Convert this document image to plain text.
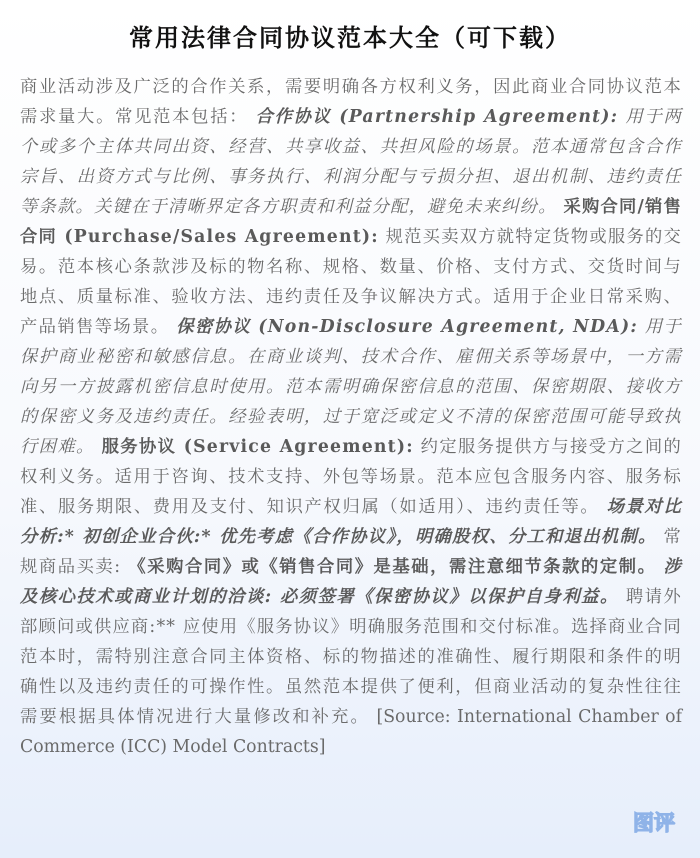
常用法律合同协议范本大全（可下载）
商业活动涉及广泛的合作关系，需要明确各方权利义务，因此商业合同协议范本需求量大。常见范本包括： 合作协议 (Partnership Agreement): 用于两个或多个主体共同出资、经营、共享收益、共担风险的场景。范本通常包含合作宗旨、出资方式与比例、事务执行、利润分配与亏损分担、退出机制、违约责任等条款。关键在于清晰界定各方职责和利益分配，避免未来纠纷。 采购合同/销售合同 (Purchase/Sales Agreement): 规范买卖双方就特定货物或服务的交易。范本核心条款涉及标的物名称、规格、数量、价格、支付方式、交货时间与地点、质量标准、验收方法、违约责任及争议解决方式。适用于企业日常采购、产品销售等场景。 保密协议 (Non-Disclosure Agreement, NDA): 用于保护商业秘密和敏感信息。在商业谈判、技术合作、雇佣关系等场景中，一方需向另一方披露机密信息时使用。范本需明确保密信息的范围、保密期限、接收方的保密义务及违约责任。经验表明，过于宽泛或定义不清的保密范围可能导致执行困难。 服务协议 (Service Agreement): 约定服务提供方与接受方之间的权利义务。适用于咨询、技术支持、外包等场景。范本应包含服务内容、服务标准、服务期限、费用及支付、知识产权归属（如适用）、违约责任等。 场景对比分析:* 初创企业合伙:* 优先考虑《合作协议》，明确股权、分工和退出机制。 常规商品买卖: 《采购合同》或《销售合同》是基础，需注意细节条款的定制。 涉及核心技术或商业计划的洽谈: 必须签署《保密协议》以保护自身利益。 聘请外部顾问或供应商:** 应使用《服务协议》明确服务范围和交付标准。选择商业合同范本时，需特别注意合同主体资格、标的物描述的准确性、履行期限和条件的明确性以及违约责任的可操作性。虽然范本提供了便利，但商业活动的复杂性往往需要根据具体情况进行大量修改和补充。 [Source: International Chamber of Commerce (ICC) Model Contracts]
图评
